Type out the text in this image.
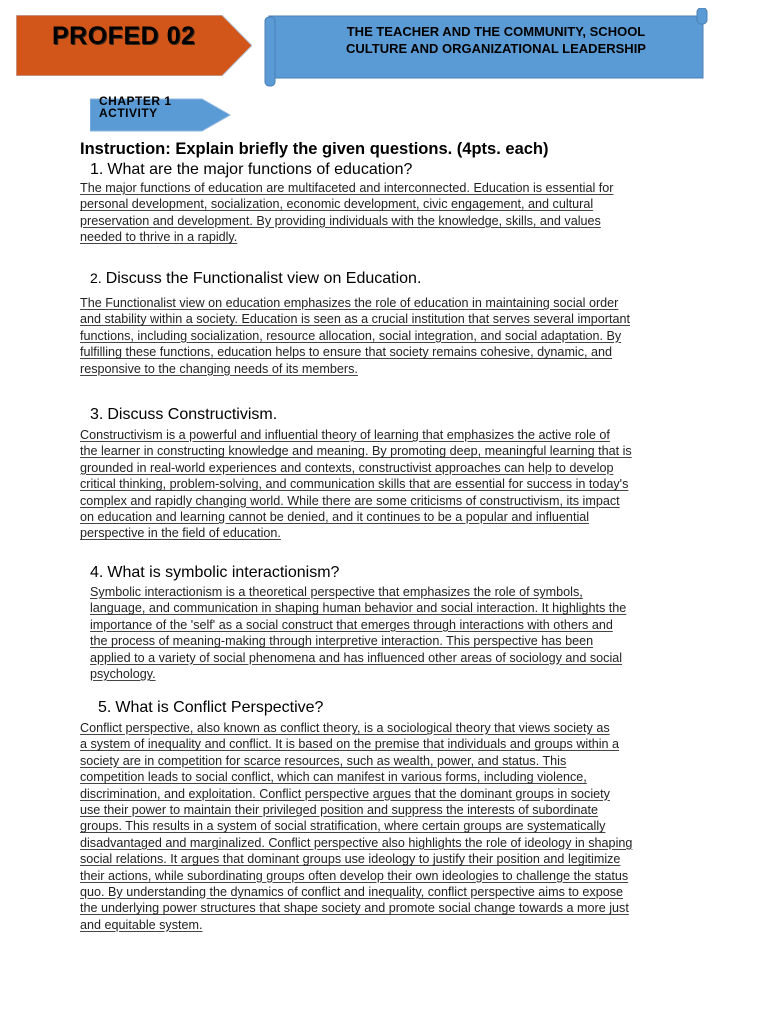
PROFED 02	THE TEACHER AND THE COMMUNITY, SCHOOL
CULTURE AND ORGANIZATIONAL LEADERSHIP
CHAPTER 1
ACTIVITY
Instruction: Explain briefly the given questions. (4pts. each)
1. What are the major functions of education?
The major functions of education are multifaceted and interconnected. Education is essential for
personal development, socialization, economic development, civic engagement, and cultural
preservation and development. By providing individuals with the knowledge, skills, and values
needed to thrive in a rapidly.
2. Discuss the Functionalist view on Education.
The Functionalist view on education emphasizes the role of education in maintaining social order
and stability within a society. Education is seen as a crucial institution that serves several important
functions, including socialization, resource allocation, social integration, and social adaptation. By
fulfilling these functions, education helps to ensure that society remains cohesive, dynamic, and
responsive to the changing needs of its members.
3. Discuss Constructivism.
Constructivism is a powerful and influential theory of learning that emphasizes the active role of
the learner in constructing knowledge and meaning. By promoting deep, meaningful learning that is
grounded in real-world experiences and contexts, constructivist approaches can help to develop
critical thinking, problem-solving, and communication skills that are essential for success in today's
complex and rapidly changing world. While there are some criticisms of constructivism, its impact
on education and learning cannot be denied, and it continues to be a popular and influential
perspective in the field of education.
4. What is symbolic interactionism?
Symbolic interactionism is a theoretical perspective that emphasizes the role of symbols,
language, and communication in shaping human behavior and social interaction. It highlights the
importance of the 'self' as a social construct that emerges through interactions with others and
the process of meaning-making through interpretive interaction. This perspective has been
applied to a variety of social phenomena and has influenced other areas of sociology and social
psychology.
5. What is Conflict Perspective?
Conflict perspective, also known as conflict theory, is a sociological theory that views society as
a system of inequality and conflict. It is based on the premise that individuals and groups within a
society are in competition for scarce resources, such as wealth, power, and status. This
competition leads to social conflict, which can manifest in various forms, including violence,
discrimination, and exploitation. Conflict perspective argues that the dominant groups in society
use their power to maintain their privileged position and suppress the interests of subordinate
groups. This results in a system of social stratification, where certain groups are systematically
disadvantaged and marginalized. Conflict perspective also highlights the role of ideology in shaping
social relations. It argues that dominant groups use ideology to justify their position and legitimize
their actions, while subordinating groups often develop their own ideologies to challenge the status
quo. By understanding the dynamics of conflict and inequality, conflict perspective aims to expose
the underlying power structures that shape society and promote social change towards a more just
and equitable system.
